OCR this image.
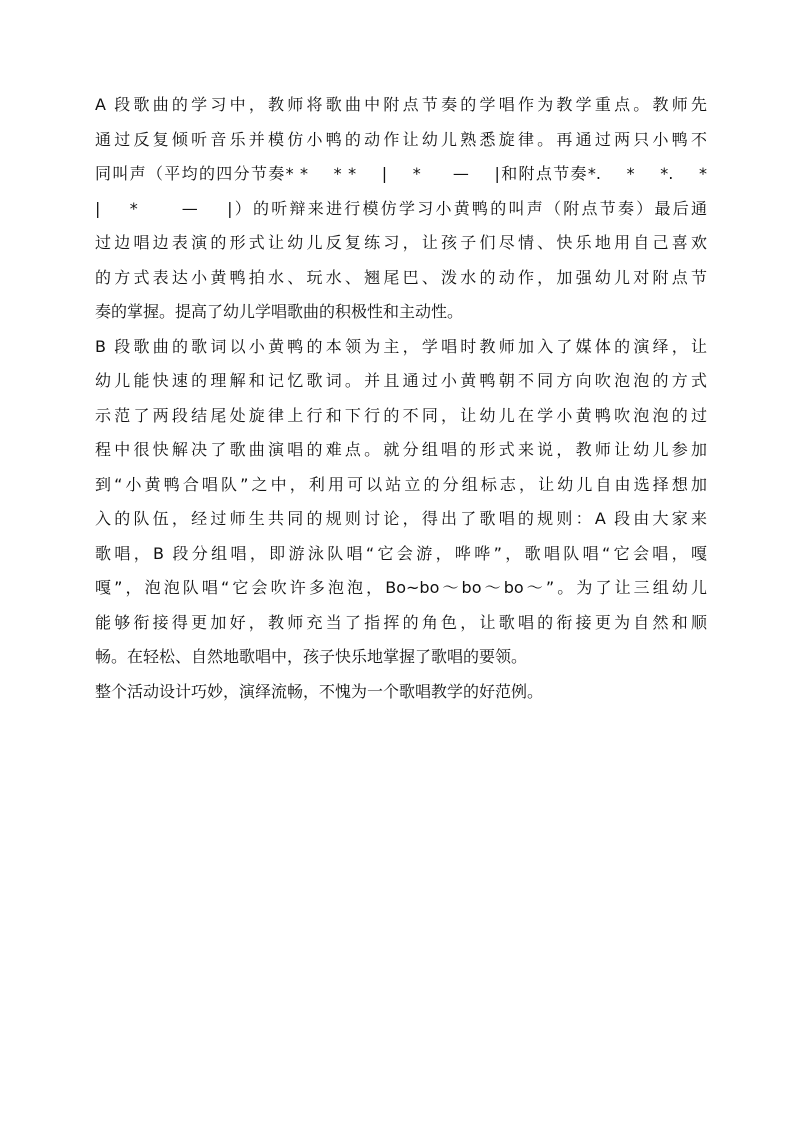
A 段歌曲的学习中，教师将歌曲中附点节奏的学唱作为教学重点。教师先
通过反复倾听音乐并模仿小鸭的动作让幼儿熟悉旋律。再通过两只小鸭不
同叫声（平均的四分节奏* *    * *    |    *     —    |和附点节奏*.    *    *.    *
|    *      —    |）的听辩来进行模仿学习小黄鸭的叫声（附点节奏）最后通
过边唱边表演的形式让幼儿反复练习，让孩子们尽情、快乐地用自己喜欢
的方式表达小黄鸭拍水、玩水、翘尾巴、泼水的动作，加强幼儿对附点节
奏的掌握。提高了幼儿学唱歌曲的积极性和主动性。
B 段歌曲的歌词以小黄鸭的本领为主，学唱时教师加入了媒体的演绎，让
幼儿能快速的理解和记忆歌词。并且通过小黄鸭朝不同方向吹泡泡的方式
示范了两段结尾处旋律上行和下行的不同，让幼儿在学小黄鸭吹泡泡的过
程中很快解决了歌曲演唱的难点。就分组唱的形式来说，教师让幼儿参加
到“小黄鸭合唱队”之中，利用可以站立的分组标志，让幼儿自由选择想加
入的队伍，经过师生共同的规则讨论，得出了歌唱的规则：A 段由大家来
歌唱，B 段分组唱，即游泳队唱“它会游，哗哗”，歌唱队唱“它会唱，嘎
嘎”，泡泡队唱“它会吹许多泡泡，Bo~bo～bo～bo～”。为了让三组幼儿
能够衔接得更加好，教师充当了指挥的角色，让歌唱的衔接更为自然和顺
畅。在轻松、自然地歌唱中，孩子快乐地掌握了歌唱的要领。
整个活动设计巧妙，演绎流畅，不愧为一个歌唱教学的好范例。
